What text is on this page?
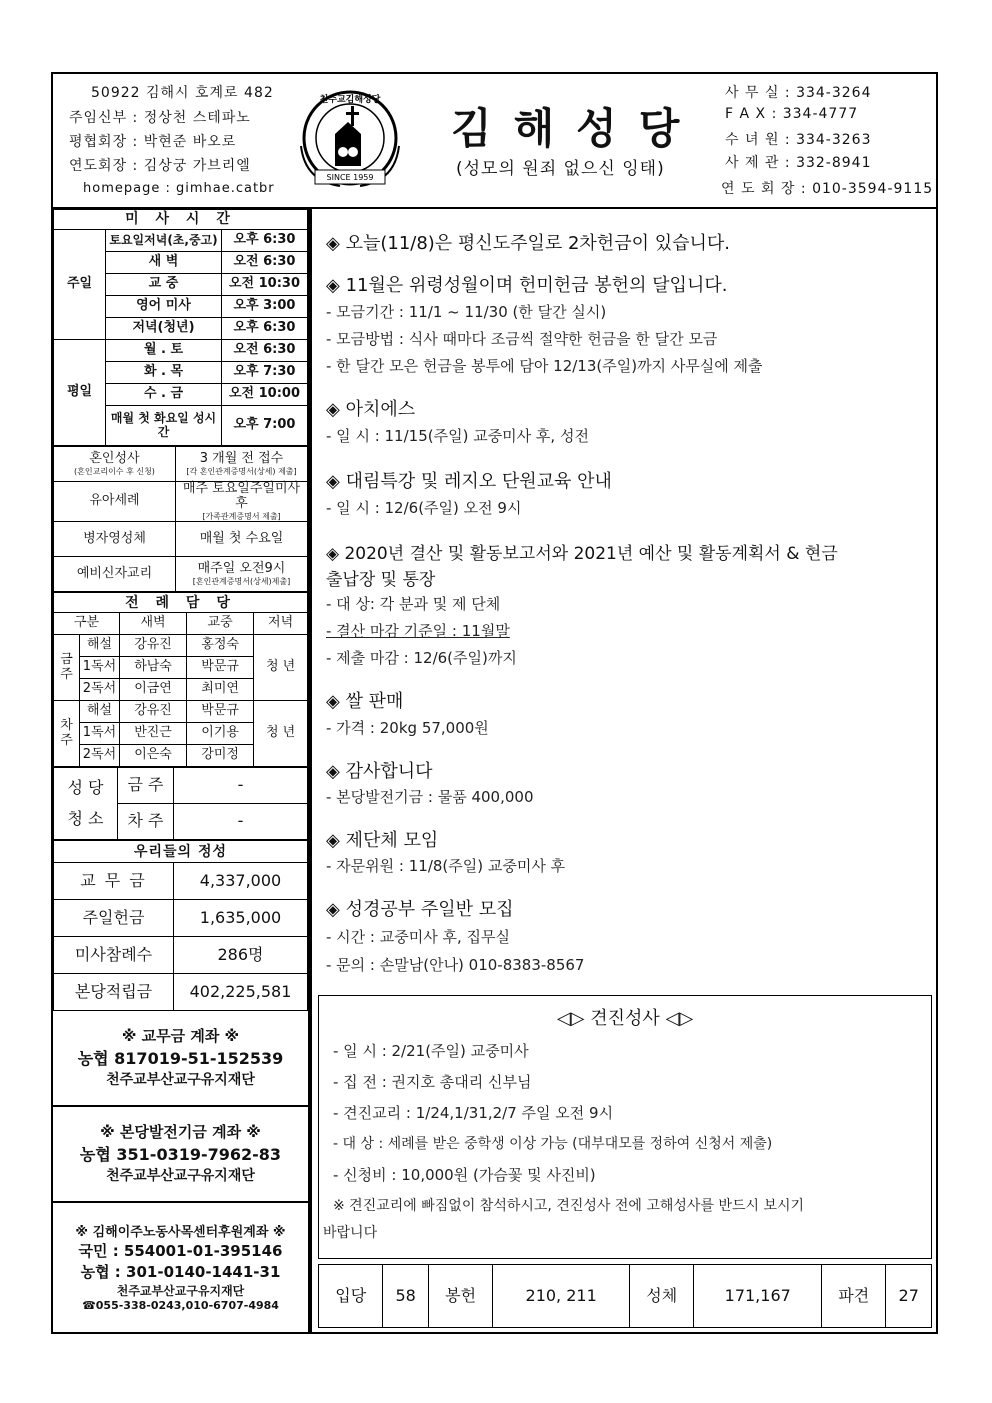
50922 김해시 호계로 482
주임신부 : 정상천 스테파노
평협회장 : 박현준 바오로
연도회장 : 김상궁 가브리엘
homepage : gimhae.catbr
SINCE 1959
천주교김해성당
김해성당
(성모의 원죄 없으신 잉태)
사 무 실 : 334-3264
F A X : 334-4777
수 녀 원 : 334-3263
사 제 관 : 332-8941
연 도 회 장 : 010-3594-9115
미 사 시 간		
주일	토요일저녁(초,중고)	오후 6:30
	새 벽	오전 6:30
	교 중	오전 10:30
	영어 미사	오후 3:00
	저녁(청년)	오후 6:30
평일	월 . 토	오전 6:30
	화 . 목	오후 7:30
	수 . 금	오전 10:00
	매월 첫 화요일 성시간	오후 7:00
혼인성사
(혼인교리이수 후 신청)	3 개월 전 접수
[각 혼인관계증명서(상세) 제출]

유아세례	매주 토요일주일미사 후
[가족관계증명서 제출]

병자영성체	매월 첫 수요일
예비신자교리	매주일 오전9시
[혼인관계증명서(상세)제출]
전 례 담 당				
구분		새벽	교중	저녁
금주	해설	강유진	홍정숙	청 년
	1독서	하남숙	박문규	
	2독서	이금연	최미연	
차주	해설	강유진	박문규	청 년
	1독서	반진근	이기용	
	2독서	이은숙	강미정	
성 당
청 소	금 주	-
	차 주	-
우리들의 정성	
교 무 금	4,337,000
주일헌금	1,635,000
미사참례수	286명
본당적립금	402,225,581
※ 교무금 계좌 ※
농협 817019-51-152539
천주교부산교구유지재단
※ 본당발전기금 계좌 ※
농협 351-0319-7962-83
천주교부산교구유지재단
※ 김해이주노동사목센터후원계좌 ※
국민 : 554001-01-395146
농협 : 301-0140-1441-31
천주교부산교구유지재단
☎055-338-0243,010-6707-4984
◈ 오늘(11/8)은 평신도주일로 2차헌금이 있습니다.
◈ 11월은 위령성월이며 헌미헌금 봉헌의 달입니다.
- 모금기간 : 11/1 ~ 11/30 (한 달간 실시)
- 모금방법 : 식사 때마다 조금씩 절약한 헌금을 한 달간 모금
- 한 달간 모은 헌금을 봉투에 담아 12/13(주일)까지 사무실에 제출
◈ 아치에스
- 일 시 : 11/15(주일) 교중미사 후, 성전
◈ 대림특강 및 레지오 단원교육 안내
- 일 시 : 12/6(주일) 오전 9시
◈ 2020년 결산 및 활동보고서와 2021년 예산 및 활동계획서 & 현금
출납장 및 통장
- 대 상: 각 분과 및 제 단체
- 결산 마감 기준일 : 11월말
- 제출 마감 : 12/6(주일)까지
◈ 쌀 판매
- 가격 : 20kg 57,000원
◈ 감사합니다
- 본당발전기금 : 물품 400,000
◈ 제단체 모임
- 자문위원 : 11/8(주일) 교중미사 후
◈ 성경공부 주일반 모집
- 시간 : 교중미사 후, 집무실
- 문의 : 손말남(안나) 010-8383-8567
◁▷ 견진성사 ◁▷
- 일 시 : 2/21(주일) 교중미사
- 집 전 : 권지호 총대리 신부님
- 견진교리 : 1/24,1/31,2/7 주일 오전 9시
- 대 상 : 세례를 받은 중학생 이상 가능 (대부대모를 정하여 신청서 제출)
- 신청비 : 10,000원 (가슴꽃 및 사진비)
※ 견진교리에 빠짐없이 참석하시고, 견진성사 전에 고해성사를 반드시 보시기
바랍니다
입당	58	봉헌	210, 211	성체	171,167	파견	27
